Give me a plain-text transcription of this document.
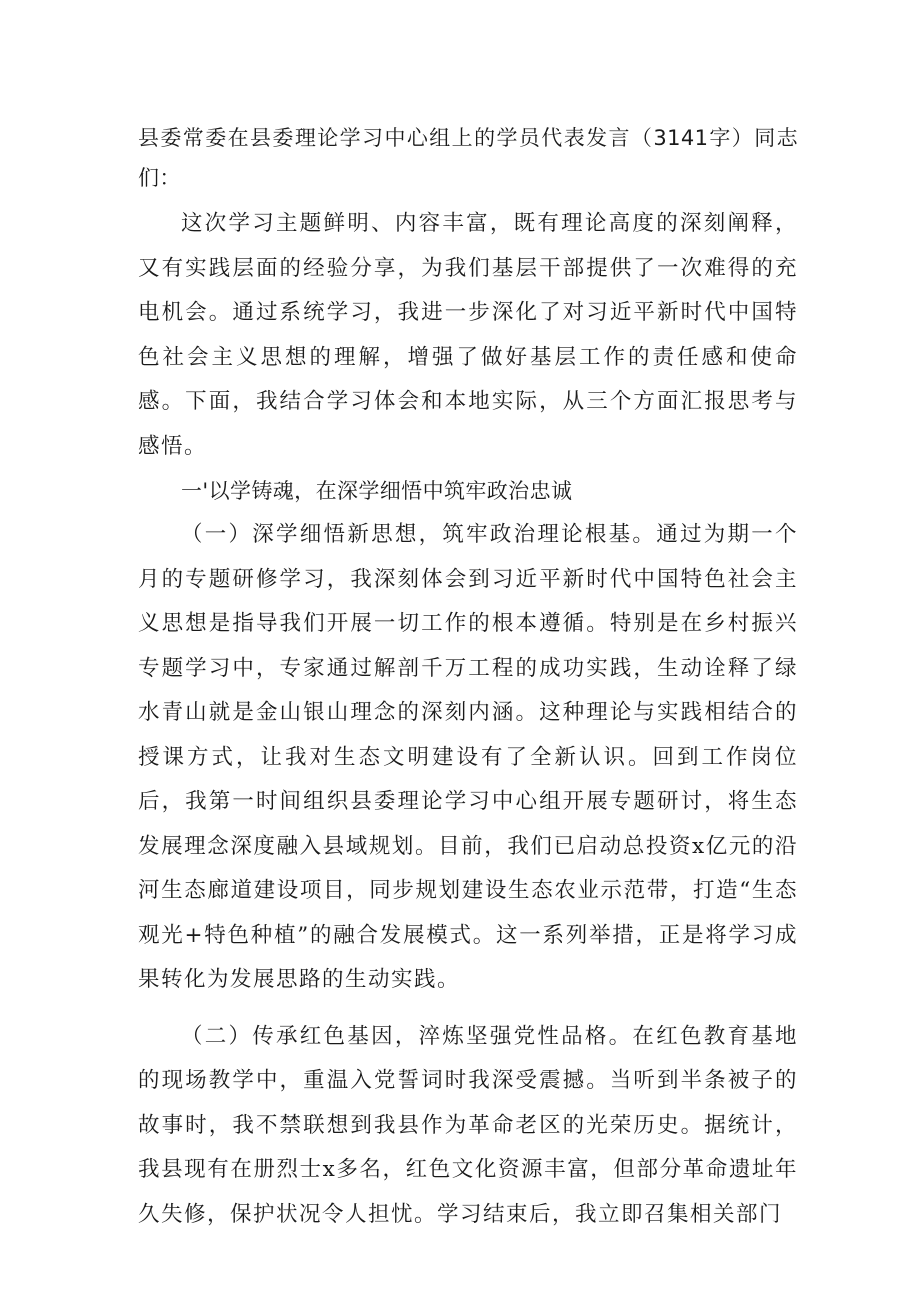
县委常委在县委理论学习中心组上的学员代表发言（3141字）同志们：

这次学习主题鲜明、内容丰富，既有理论高度的深刻阐释，又有实践层面的经验分享，为我们基层干部提供了一次难得的充电机会。通过系统学习，我进一步深化了对习近平新时代中国特色社会主义思想的理解，增强了做好基层工作的责任感和使命感。下面，我结合学习体会和本地实际，从三个方面汇报思考与感悟。

一'以学铸魂，在深学细悟中筑牢政治忠诚

（一）深学细悟新思想，筑牢政治理论根基。通过为期一个月的专题研修学习，我深刻体会到习近平新时代中国特色社会主义思想是指导我们开展一切工作的根本遵循。特别是在乡村振兴专题学习中，专家通过解剖千万工程的成功实践，生动诠释了绿水青山就是金山银山理念的深刻内涵。这种理论与实践相结合的授课方式，让我对生态文明建设有了全新认识。回到工作岗位后，我第一时间组织县委理论学习中心组开展专题研讨，将生态发展理念深度融入县域规划。目前，我们已启动总投资x亿元的沿河生态廊道建设项目，同步规划建设生态农业示范带，打造“生态观光+特色种植”的融合发展模式。这一系列举措，正是将学习成果转化为发展思路的生动实践。

（二）传承红色基因，淬炼坚强党性品格。在红色教育基地的现场教学中，重温入党誓词时我深受震撼。当听到半条被子的故事时，我不禁联想到我县作为革命老区的光荣历史。据统计，我县现有在册烈士x多名，红色文化资源丰富，但部分革命遗址年久失修，保护状况令人担忧。学习结束后，我立即召集相关部门
